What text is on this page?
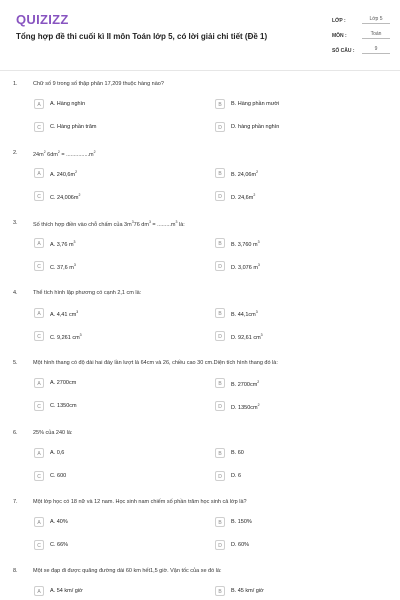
QUIZIZZ
Tổng hợp đề thi cuối kì II môn Toán lớp 5, có lời giải chi tiết (Đề 1)
LỚP :	Lớp 5
MÔN :	Toán
SỐ CÂU :	9
1.	Chữ số 9 trong số thập phân 17,209 thuộc hàng nào?
A	A. Hàng nghìn	B	B. Hàng phần mười
C	C. Hàng phần trăm	D	D. hàng phần nghìn
2.	$24m^2$ $6dm^2 = ...............m^2$
A	A. $240,6m^2$	B	B. $24,06m^2$
C	C. $24,006m^2$	D	D. $24,6m^2$
3.	Số thích hợp điền vào chỗ chấm của $3m^376$ $dm^3 = .........m^3$ là:
A	A. 3,76 $m^3$	B	B. 3,760 $m^3$
C	C. 37,6 $m^3$	D	D. 3,076 $m^3$
4.	Thể tích hình lập phương có cạnh 2,1 cm là:
A	A. 4,41 $cm^3$	B	B. $44,1cm^3$
C	C. 9,261 $cm^3$	D	D. 92,61 $cm^3$
5.	Một hình thang có độ dài hai đáy lần lượt là 64cm và 26, chiều cao 30 cm.Diện tích hình thang đó là:
A	A. 2700cm	B	B. $2700cm^2$
C	C. 1350cm	D	D. $1350cm^2$
6.	25% của 240 là:
A	A. 0,6	B	B. 60
C	C. 600	D	D. 6
7.	Một lớp học có 18 nữ và 12 nam. Học sinh nam chiếm số phần trăm học sinh cả lớp là?
A	A. 40%	B	B. 150%
C	C. 66%	D	D. 60%
8.	Một xe đạp đi được quãng đường dài 60 km hết1,5 giờ. Vận tốc của xe đó là:
A	A. 54 km/ giờ	B	B. 45 km/ giờ
